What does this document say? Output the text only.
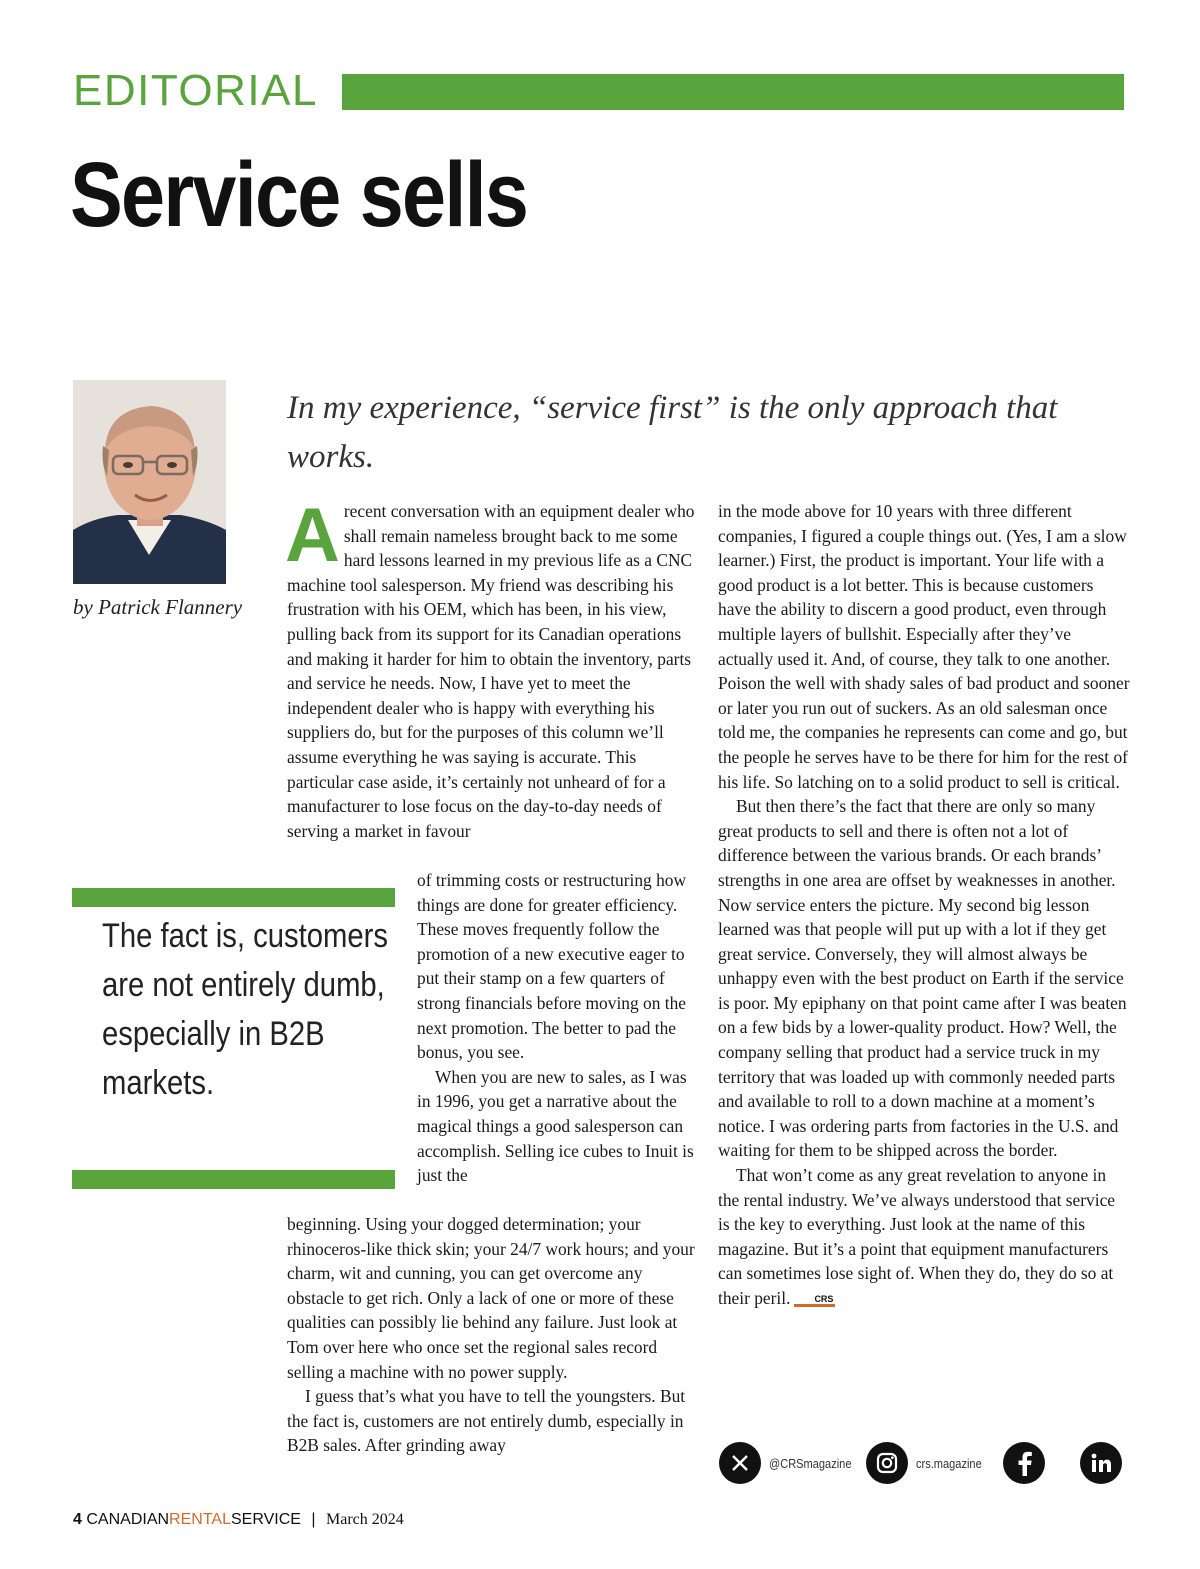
EDITORIAL
Service sells
by Patrick Flannery
In my experience, “service first” is the only approach that works.

A recent conversation with an equipment dealer who shall remain nameless brought back to me some hard lessons learned in my previous life as a CNC machine tool salesperson. My friend was describing his frustration with his OEM, which has been, in his view, pulling back from its support for its Canadian operations and making it harder for him to obtain the inventory, parts and service he needs. Now, I have yet to meet the independent dealer who is happy with everything his suppliers do, but for the purposes of this column we’ll assume everything he was saying is accurate. This particular case aside, it’s certainly not unheard of for a manufacturer to lose focus on the day-to-day needs of serving a market in favour

The fact is, customers are not entirely dumb, especially in B2B markets.

of trimming costs or restructuring how things are done for greater efficiency. These moves frequently follow the promotion of a new executive eager to put their stamp on a few quarters of strong financials before moving on the next promotion. The better to pad the bonus, you see.

When you are new to sales, as I was in 1996, you get a narrative about the magical things a good salesperson can accomplish. Selling ice cubes to Inuit is just the

beginning. Using your dogged determination; your rhinoceros-like thick skin; your 24/7 work hours; and your charm, wit and cunning, you can get overcome any obstacle to get rich. Only a lack of one or more of these qualities can possibly lie behind any failure. Just look at Tom over here who once set the regional sales record selling a machine with no power supply.

I guess that’s what you have to tell the youngsters. But the fact is, customers are not entirely dumb, especially in B2B sales. After grinding away

in the mode above for 10 years with three different companies, I figured a couple things out. (Yes, I am a slow learner.) First, the product is important. Your life with a good product is a lot better. This is because customers have the ability to discern a good product, even through multiple layers of bullshit. Especially after they’ve actually used it. And, of course, they talk to one another. Poison the well with shady sales of bad product and sooner or later you run out of suckers. As an old salesman once told me, the companies he represents can come and go, but the people he serves have to be there for him for the rest of his life. So latching on to a solid product to sell is critical.

But then there’s the fact that there are only so many great products to sell and there is often not a lot of difference between the various brands. Or each brands’ strengths in one area are offset by weaknesses in another. Now service enters the picture. My second big lesson learned was that people will put up with a lot if they get great service. Conversely, they will almost always be unhappy even with the best product on Earth if the service is poor. My epiphany on that point came after I was beaten on a few bids by a lower-quality product. How? Well, the company selling that product had a service truck in my territory that was loaded up with commonly needed parts and available to roll to a down machine at a moment’s notice. I was ordering parts from factories in the U.S. and waiting for them to be shipped across the border.

That won’t come as any great revelation to anyone in the rental industry. We’ve always understood that service is the key to everything. Just look at the name of this magazine. But it’s a point that equipment manufacturers can sometimes lose sight of. When they do, they do so at their peril.	CRS

@CRSmagazine	crs.magazine
4 CANADIANRENTALSERVICE | March 2024
